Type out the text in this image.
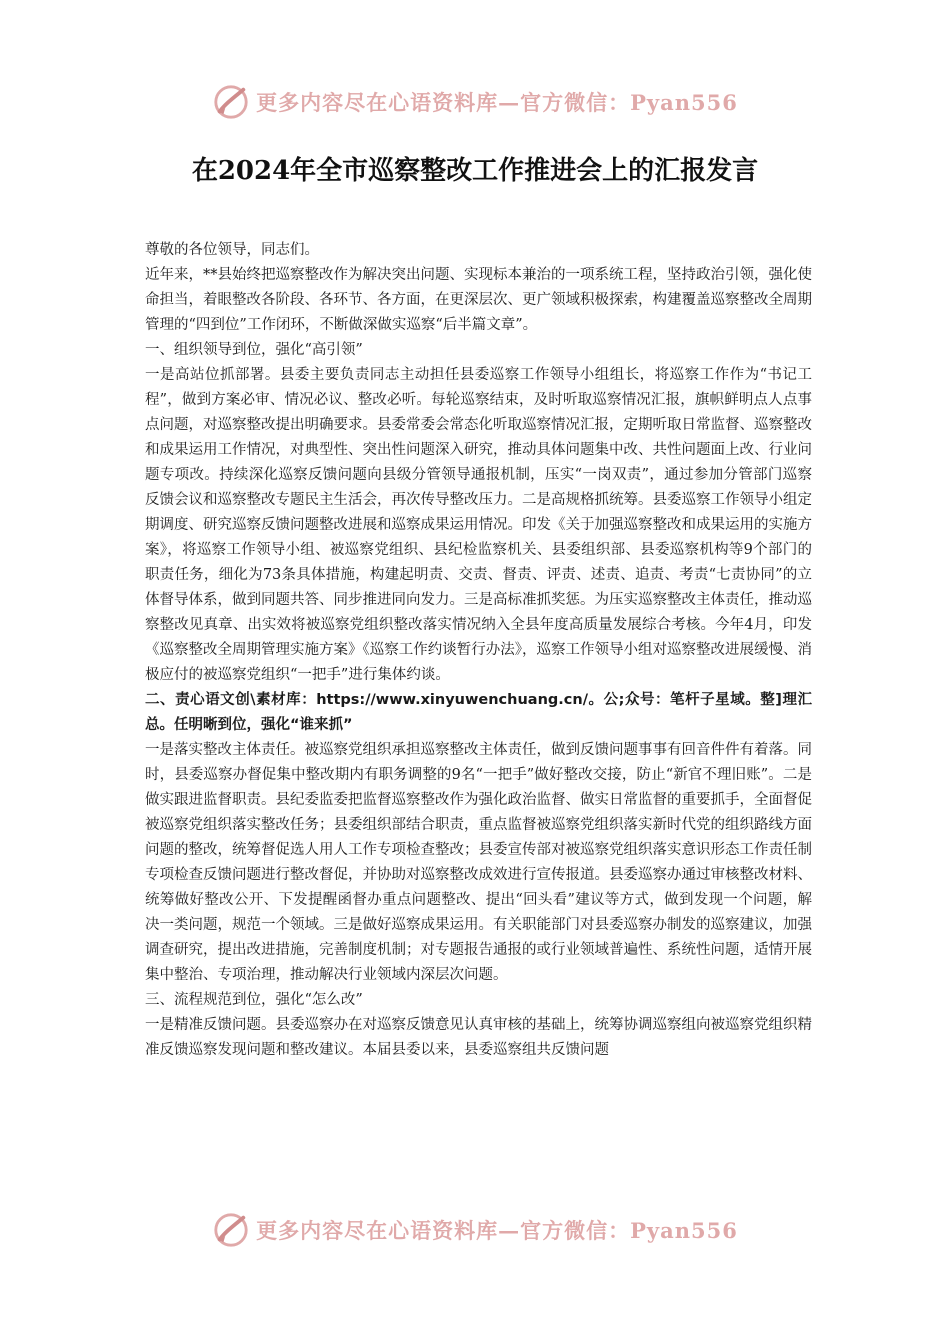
更多内容尽在心语资料库—官方微信：Pyan556
在2024年全市巡察整改工作推进会上的汇报发言

尊敬的各位领导，同志们。

近年来，**县始终把巡察整改作为解决突出问题、实现标本兼治的一项系统工程，坚持政治引领，强化使命担当，着眼整改各阶段、各环节、各方面，在更深层次、更广领域积极探索，构建覆盖巡察整改全周期管理的“四到位”工作闭环，不断做深做实巡察“后半篇文章”。

一、组织领导到位，强化“高引领”

一是高站位抓部署。县委主要负责同志主动担任县委巡察工作领导小组组长，将巡察工作作为“书记工程”，做到方案必审、情况必议、整改必听。每轮巡察结束，及时听取巡察情况汇报，旗帜鲜明点人点事点问题，对巡察整改提出明确要求。县委常委会常态化听取巡察情况汇报，定期听取日常监督、巡察整改和成果运用工作情况，对典型性、突出性问题深入研究，推动具体问题集中改、共性问题面上改、行业问题专项改。持续深化巡察反馈问题向县级分管领导通报机制，压实“一岗双责”，通过参加分管部门巡察反馈会议和巡察整改专题民主生活会，再次传导整改压力。二是高规格抓统筹。县委巡察工作领导小组定期调度、研究巡察反馈问题整改进展和巡察成果运用情况。印发《关于加强巡察整改和成果运用的实施方案》，将巡察工作领导小组、被巡察党组织、县纪检监察机关、县委组织部、县委巡察机构等9个部门的职责任务，细化为73条具体措施，构建起明责、交责、督责、评责、述责、追责、考责“七责协同”的立体督导体系，做到同题共答、同步推进同向发力。三是高标准抓奖惩。为压实巡察整改主体责任，推动巡察整改见真章、出实效将被巡察党组织整改落实情况纳入全县年度高质量发展综合考核。今年4月，印发《巡察整改全周期管理实施方案》《巡察工作约谈暂行办法》，巡察工作领导小组对巡察整改进展缓慢、消极应付的被巡察党组织“一把手”进行集体约谈。

二、责心语文创\素材库：https://www.xinyuwenchuang.cn/。公;众号：笔杆子星域。整]理汇总。任明晰到位，强化“谁来抓”

一是落实整改主体责任。被巡察党组织承担巡察整改主体责任，做到反馈问题事事有回音件件有着落。同时，县委巡察办督促集中整改期内有职务调整的9名“一把手”做好整改交接，防止“新官不理旧账”。二是做实跟进监督职责。县纪委监委把监督巡察整改作为强化政治监督、做实日常监督的重要抓手，全面督促被巡察党组织落实整改任务；县委组织部结合职责，重点监督被巡察党组织落实新时代党的组织路线方面问题的整改，统筹督促选人用人工作专项检查整改；县委宣传部对被巡察党组织落实意识形态工作责任制专项检查反馈问题进行整改督促，并协助对巡察整改成效进行宣传报道。县委巡察办通过审核整改材料、统筹做好整改公开、下发提醒函督办重点问题整改、提出“回头看”建议等方式，做到发现一个问题，解决一类问题，规范一个领域。三是做好巡察成果运用。有关职能部门对县委巡察办制发的巡察建议，加强调查研究，提出改进措施，完善制度机制；对专题报告通报的或行业领域普遍性、系统性问题，适情开展集中整治、专项治理，推动解决行业领域内深层次问题。

三、流程规范到位，强化“怎么改”

一是精准反馈问题。县委巡察办在对巡察反馈意见认真审核的基础上，统筹协调巡察组向被巡察党组织精准反馈巡察发现问题和整改建议。本届县委以来，县委巡察组共反馈问题

更多内容尽在心语资料库—官方微信：Pyan556
